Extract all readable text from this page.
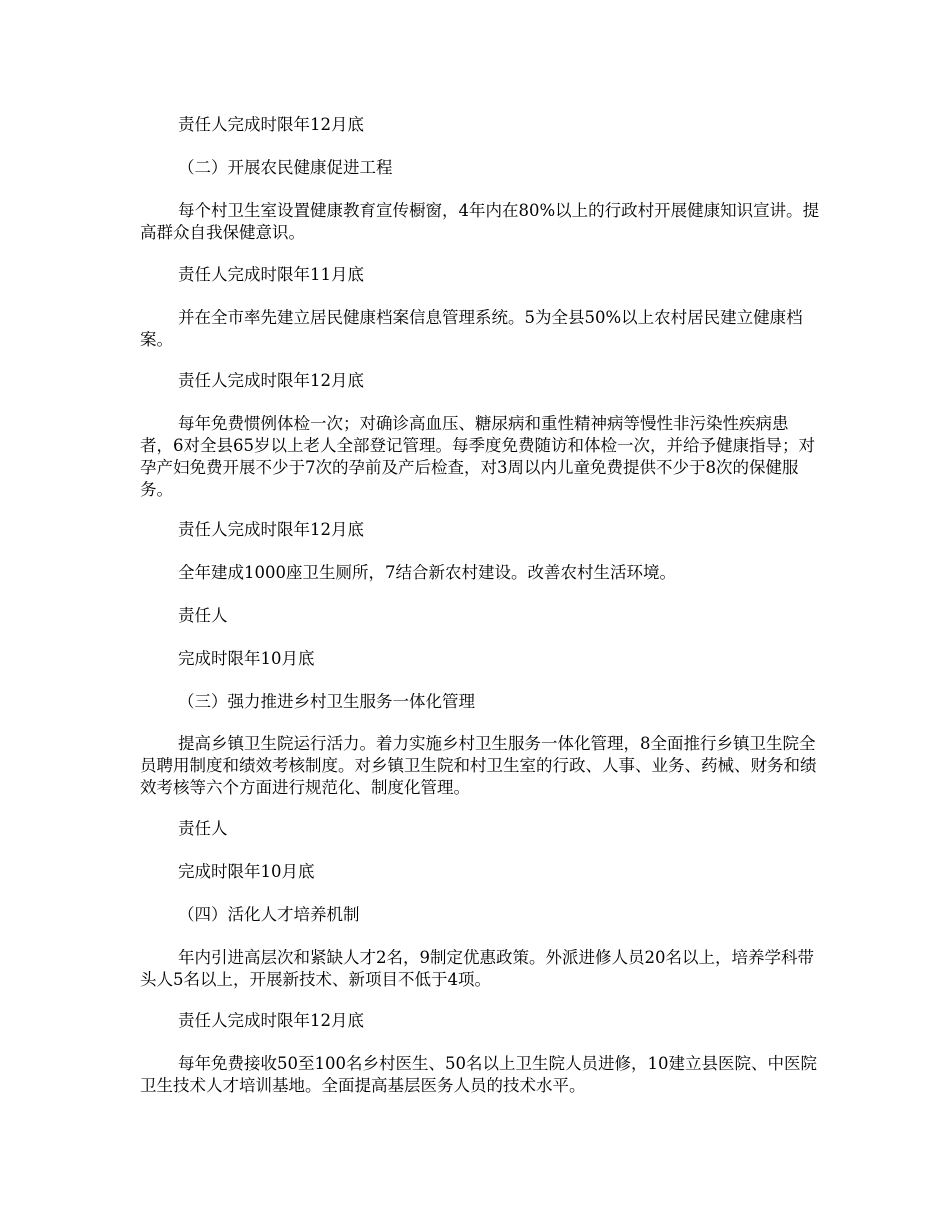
责任人完成时限年12月底

（二）开展农民健康促进工程

每个村卫生室设置健康教育宣传橱窗，4年内在80%以上的行政村开展健康知识宣讲。提高群众自我保健意识。

责任人完成时限年11月底

并在全市率先建立居民健康档案信息管理系统。5为全县50%以上农村居民建立健康档案。

责任人完成时限年12月底

每年免费惯例体检一次；对确诊高血压、糖尿病和重性精神病等慢性非污染性疾病患者，6对全县65岁以上老人全部登记管理。每季度免费随访和体检一次，并给予健康指导；对孕产妇免费开展不少于7次的孕前及产后检查，对3周以内儿童免费提供不少于8次的保健服务。

责任人完成时限年12月底

全年建成1000座卫生厕所，7结合新农村建设。改善农村生活环境。

责任人

完成时限年10月底

（三）强力推进乡村卫生服务一体化管理

提高乡镇卫生院运行活力。着力实施乡村卫生服务一体化管理，8全面推行乡镇卫生院全员聘用制度和绩效考核制度。对乡镇卫生院和村卫生室的行政、人事、业务、药械、财务和绩效考核等六个方面进行规范化、制度化管理。

责任人

完成时限年10月底

（四）活化人才培养机制

年内引进高层次和紧缺人才2名，9制定优惠政策。外派进修人员20名以上，培养学科带头人5名以上，开展新技术、新项目不低于4项。

责任人完成时限年12月底

每年免费接收50至100名乡村医生、50名以上卫生院人员进修，10建立县医院、中医院卫生技术人才培训基地。全面提高基层医务人员的技术水平。
